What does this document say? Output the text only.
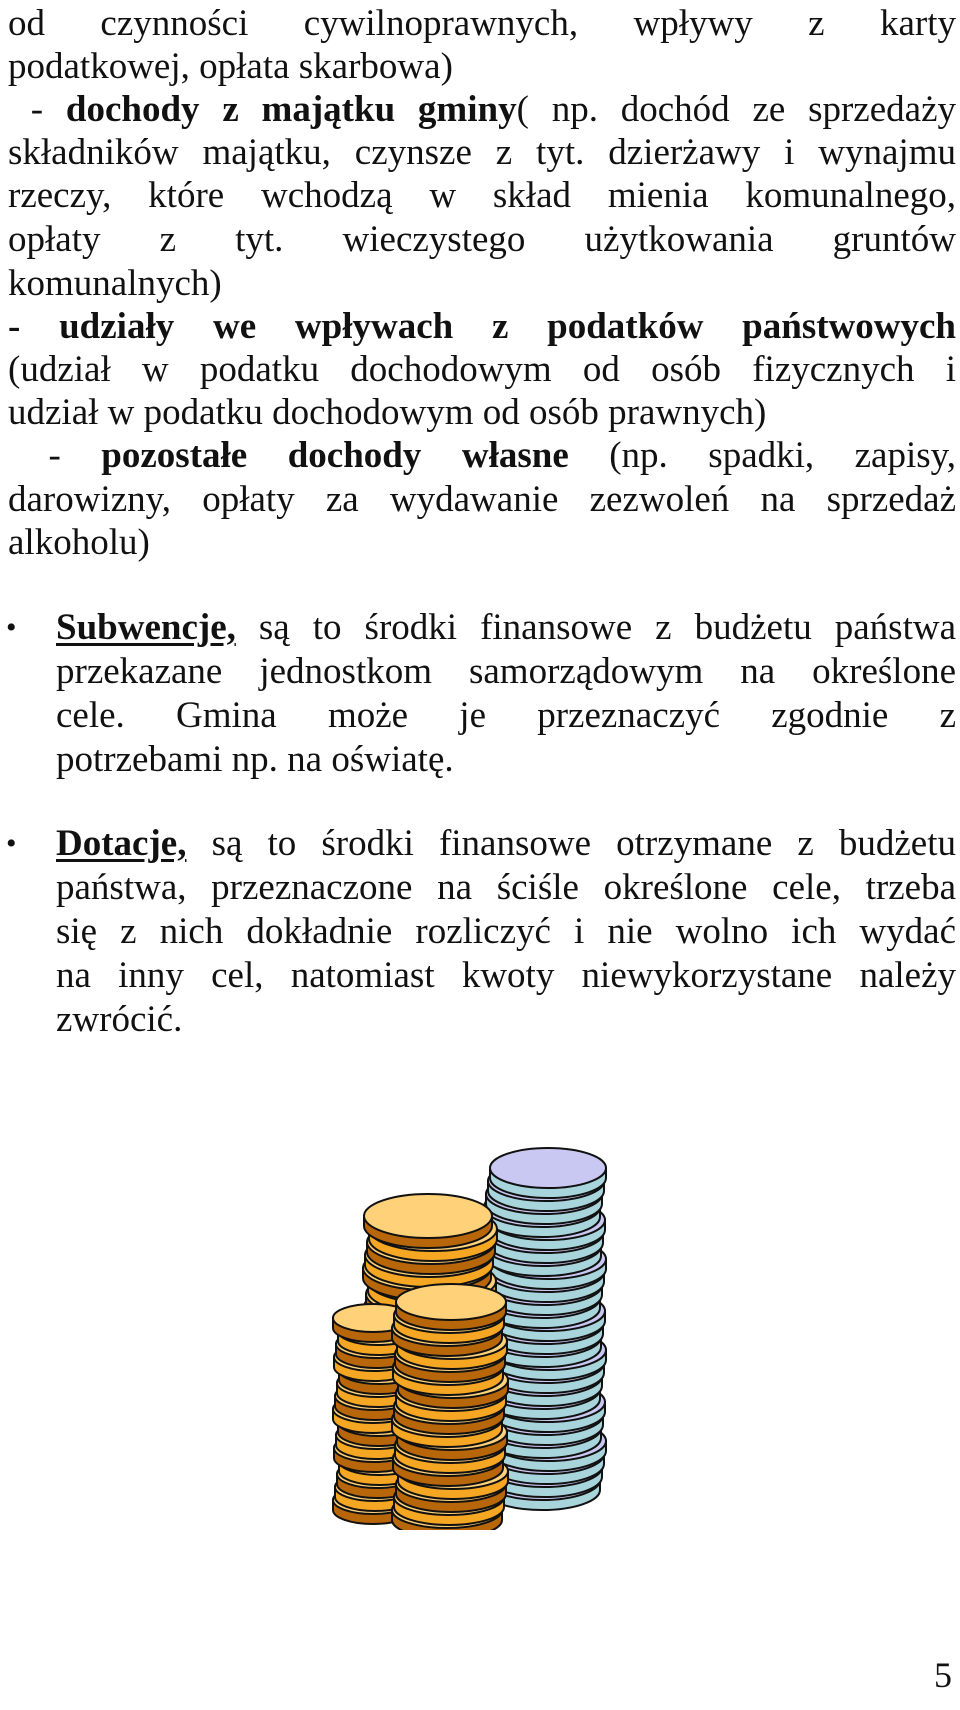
od czynności cywilnoprawnych, wpływy z karty
podatkowej, opłata skarbowa)
- dochody z majątku gminy( np. dochód ze sprzedaży
składników majątku, czynsze z tyt. dzierżawy i wynajmu
rzeczy, które wchodzą w skład mienia komunalnego,
opłaty z tyt. wieczystego użytkowania gruntów
komunalnych)
- udziały we wpływach z podatków państwowych
(udział w podatku dochodowym od osób fizycznych i
udział w podatku dochodowym od osób prawnych)
- pozostałe dochody własne (np. spadki, zapisy,
darowizny, opłaty za wydawanie zezwoleń na sprzedaż
alkoholu)
• Subwencje, są to środki finansowe z budżetu państwa
przekazane jednostkom samorządowym na określone
cele. Gmina może je przeznaczyć zgodnie z
potrzebami np. na oświatę.
• Dotacje, są to środki finansowe otrzymane z budżetu
państwa, przeznaczone na ściśle określone cele, trzeba
się z nich dokładnie rozliczyć i nie wolno ich wydać
na inny cel, natomiast kwoty niewykorzystane należy
zwrócić.
5
